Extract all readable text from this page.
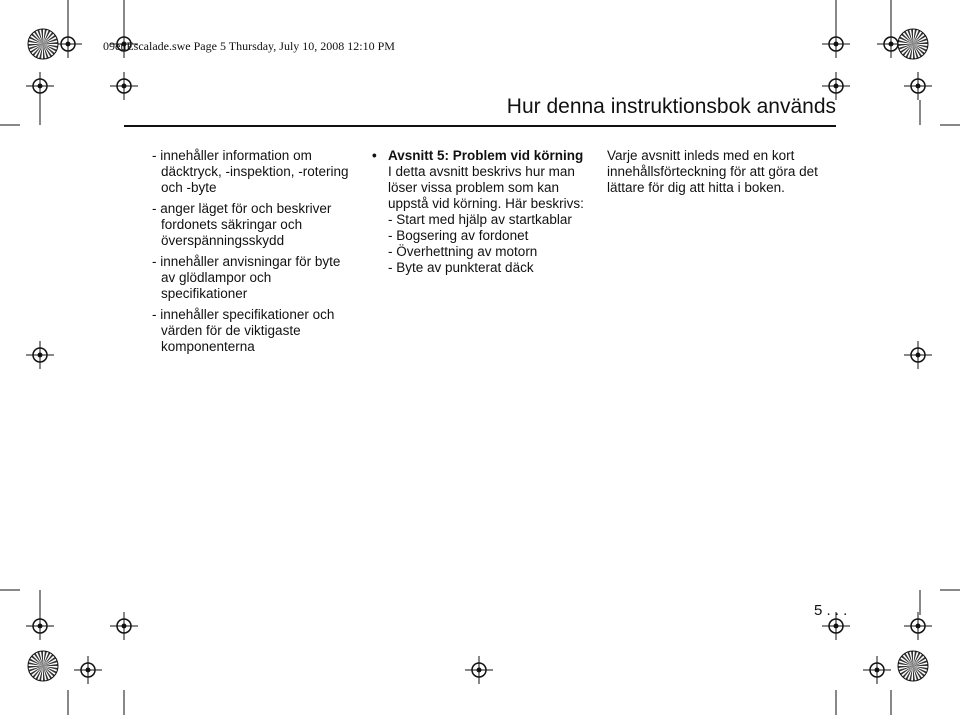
09euEscalade.swe Page 5 Thursday, July 10, 2008 12:10 PM
Hur denna instruktionsbok används

- innehåller information om däcktryck, -inspektion, -rotering och -byte

- anger läget för och beskriver fordonets säkringar och överspänningsskydd

- innehåller anvisningar för byte av glödlampor och specifikationer

- innehåller specifikationer och värden för de viktigaste komponenterna

• Avsnitt 5: Problem vid körning

I detta avsnitt beskrivs hur man löser vissa problem som kan uppstå vid körning. Här beskrivs:

- Start med hjälp av startkablar

- Bogsering av fordonet

- Överhettning av motorn

- Byte av punkterat däck

Varje avsnitt inleds med en kort innehållsförteckning för att göra det lättare för dig att hitta i boken.

5 . . .
